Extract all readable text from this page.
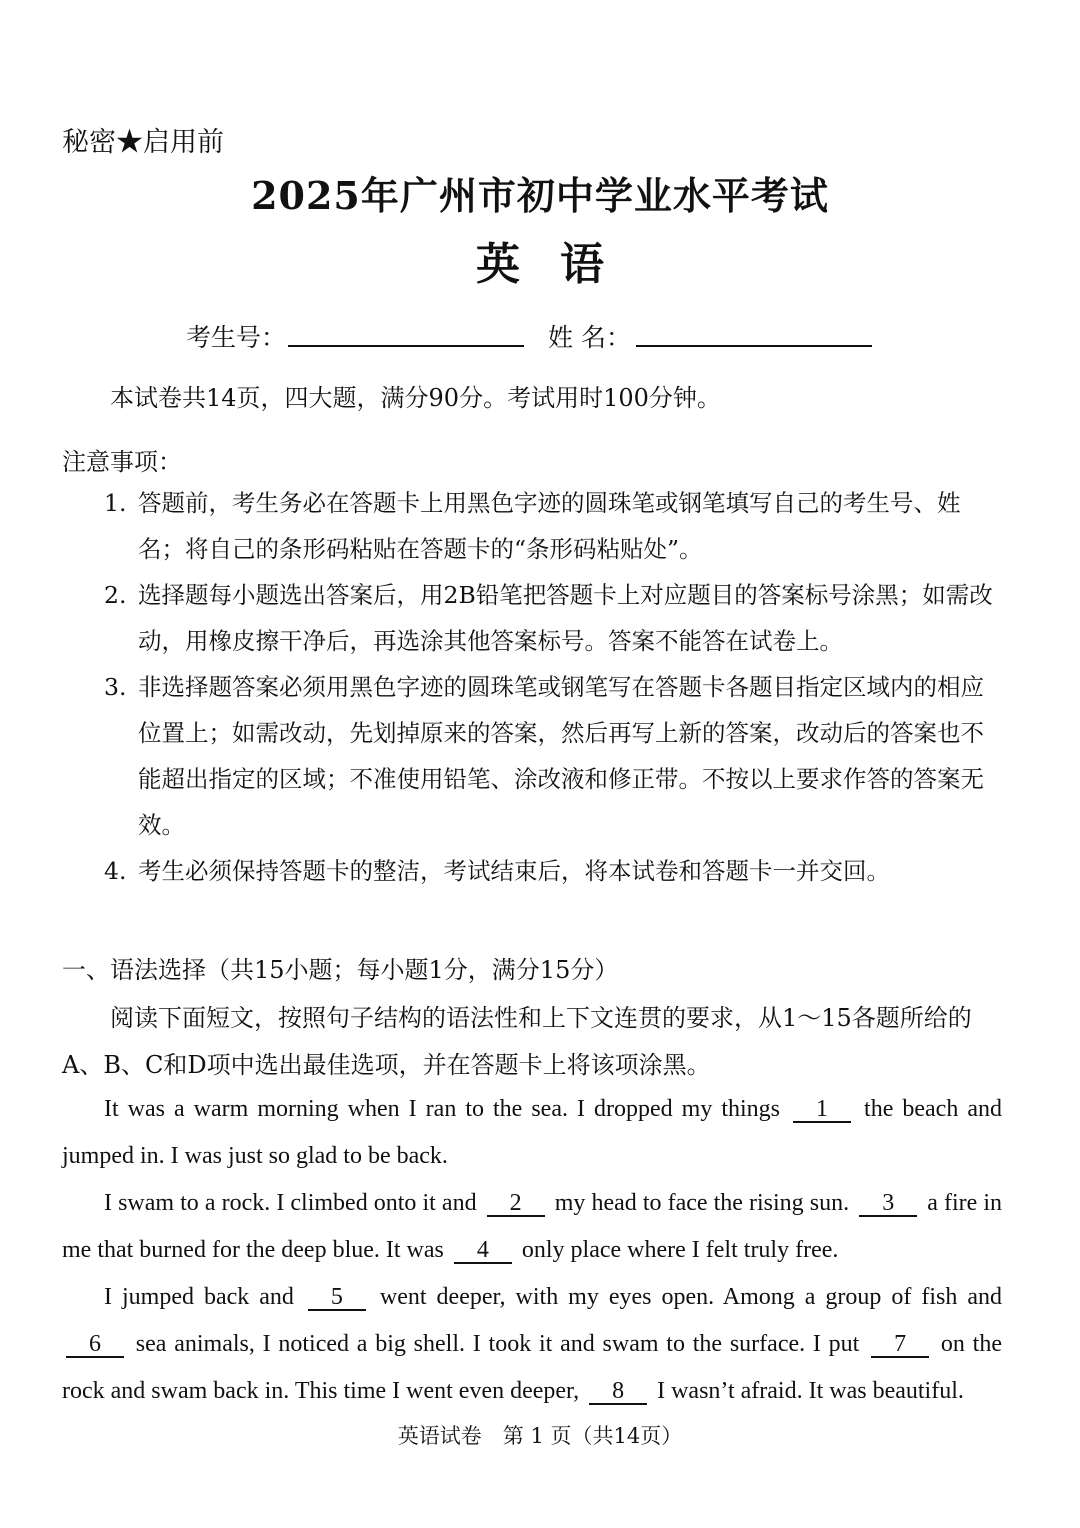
秘密★启用前
2025年广州市初中学业水平考试
英语
考生号：	姓 名：
本试卷共14页，四大题，满分90分。考试用时100分钟。
注意事项：
1. 答题前，考生务必在答题卡上用黑色字迹的圆珠笔或钢笔填写自己的考生号、姓名；将自己的条形码粘贴在答题卡的“条形码粘贴处”。
2. 选择题每小题选出答案后，用2B铅笔把答题卡上对应题目的答案标号涂黑；如需改动，用橡皮擦干净后，再选涂其他答案标号。答案不能答在试卷上。
3. 非选择题答案必须用黑色字迹的圆珠笔或钢笔写在答题卡各题目指定区域内的相应位置上；如需改动，先划掉原来的答案，然后再写上新的答案，改动后的答案也不能超出指定的区域；不准使用铅笔、涂改液和修正带。不按以上要求作答的答案无效。
4. 考生必须保持答题卡的整洁，考试结束后，将本试卷和答题卡一并交回。
一、语法选择（共15小题；每小题1分，满分15分）
阅读下面短文，按照句子结构的语法性和上下文连贯的要求，从1～15各题所给的A、B、C和D项中选出最佳选项，并在答题卡上将该项涂黑。
It was a warm morning when I ran to the sea. I dropped my things 1 the beach and jumped in. I was just so glad to be back.
I swam to a rock. I climbed onto it and 2 my head to face the rising sun. 3 a fire in me that burned for the deep blue. It was 4 only place where I felt truly free.
I jumped back and 5 went deeper, with my eyes open. Among a group of fish and 6 sea animals, I noticed a big shell. I took it and swam to the surface. I put 7 on the rock and swam back in. This time I went even deeper, 8 I wasn’t afraid. It was beautiful.
英语试卷　第 1 页（共14页）
